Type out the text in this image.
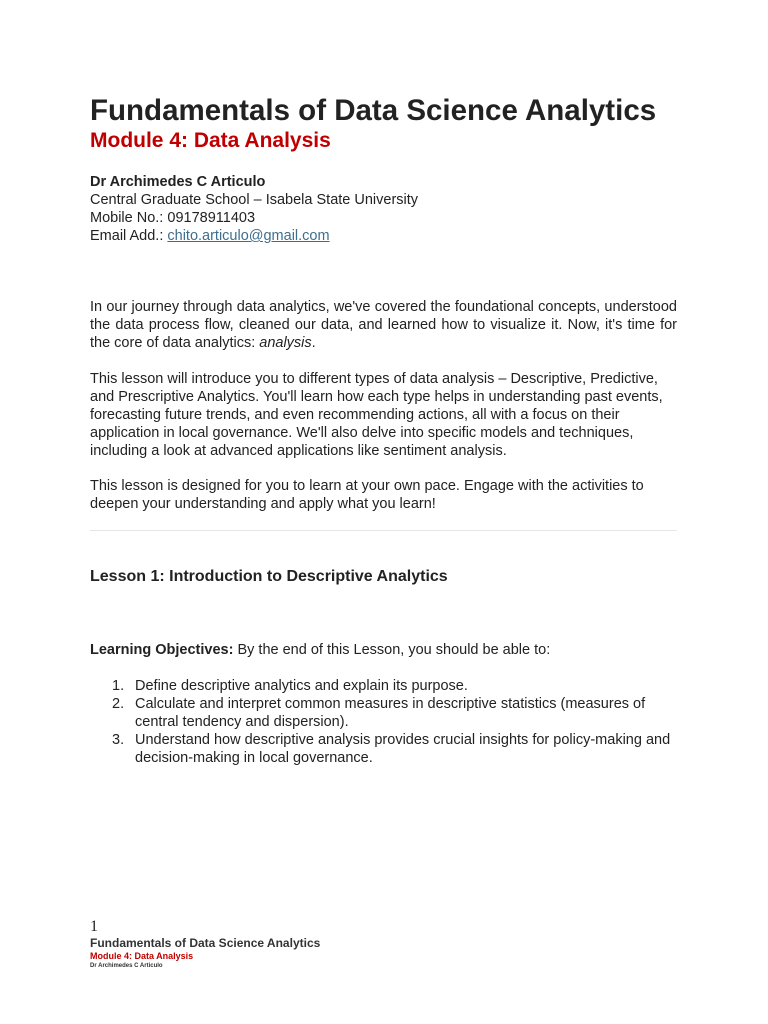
Fundamentals of Data Science Analytics
Module 4: Data Analysis
Dr Archimedes C Articulo
Central Graduate School – Isabela State University
Mobile No.: 09178911403
Email Add.: chito.articulo@gmail.com

In our journey through data analytics, we've covered the foundational concepts, understood the data process flow, cleaned our data, and learned how to visualize it. Now, it's time for the core of data analytics: analysis.

This lesson will introduce you to different types of data analysis – Descriptive, Predictive, and Prescriptive Analytics. You'll learn how each type helps in understanding past events, forecasting future trends, and even recommending actions, all with a focus on their application in local governance. We'll also delve into specific models and techniques, including a look at advanced applications like sentiment analysis.

This lesson is designed for you to learn at your own pace. Engage with the activities to deepen your understanding and apply what you learn!

Lesson 1: Introduction to Descriptive Analytics

Learning Objectives: By the end of this Lesson, you should be able to:

1. Define descriptive analytics and explain its purpose.
2. Calculate and interpret common measures in descriptive statistics (measures of central tendency and dispersion).
3. Understand how descriptive analysis provides crucial insights for policy-making and decision-making in local governance.
1
Fundamentals of Data Science Analytics
Module 4: Data Analysis
Dr Archimedes C Articulo
